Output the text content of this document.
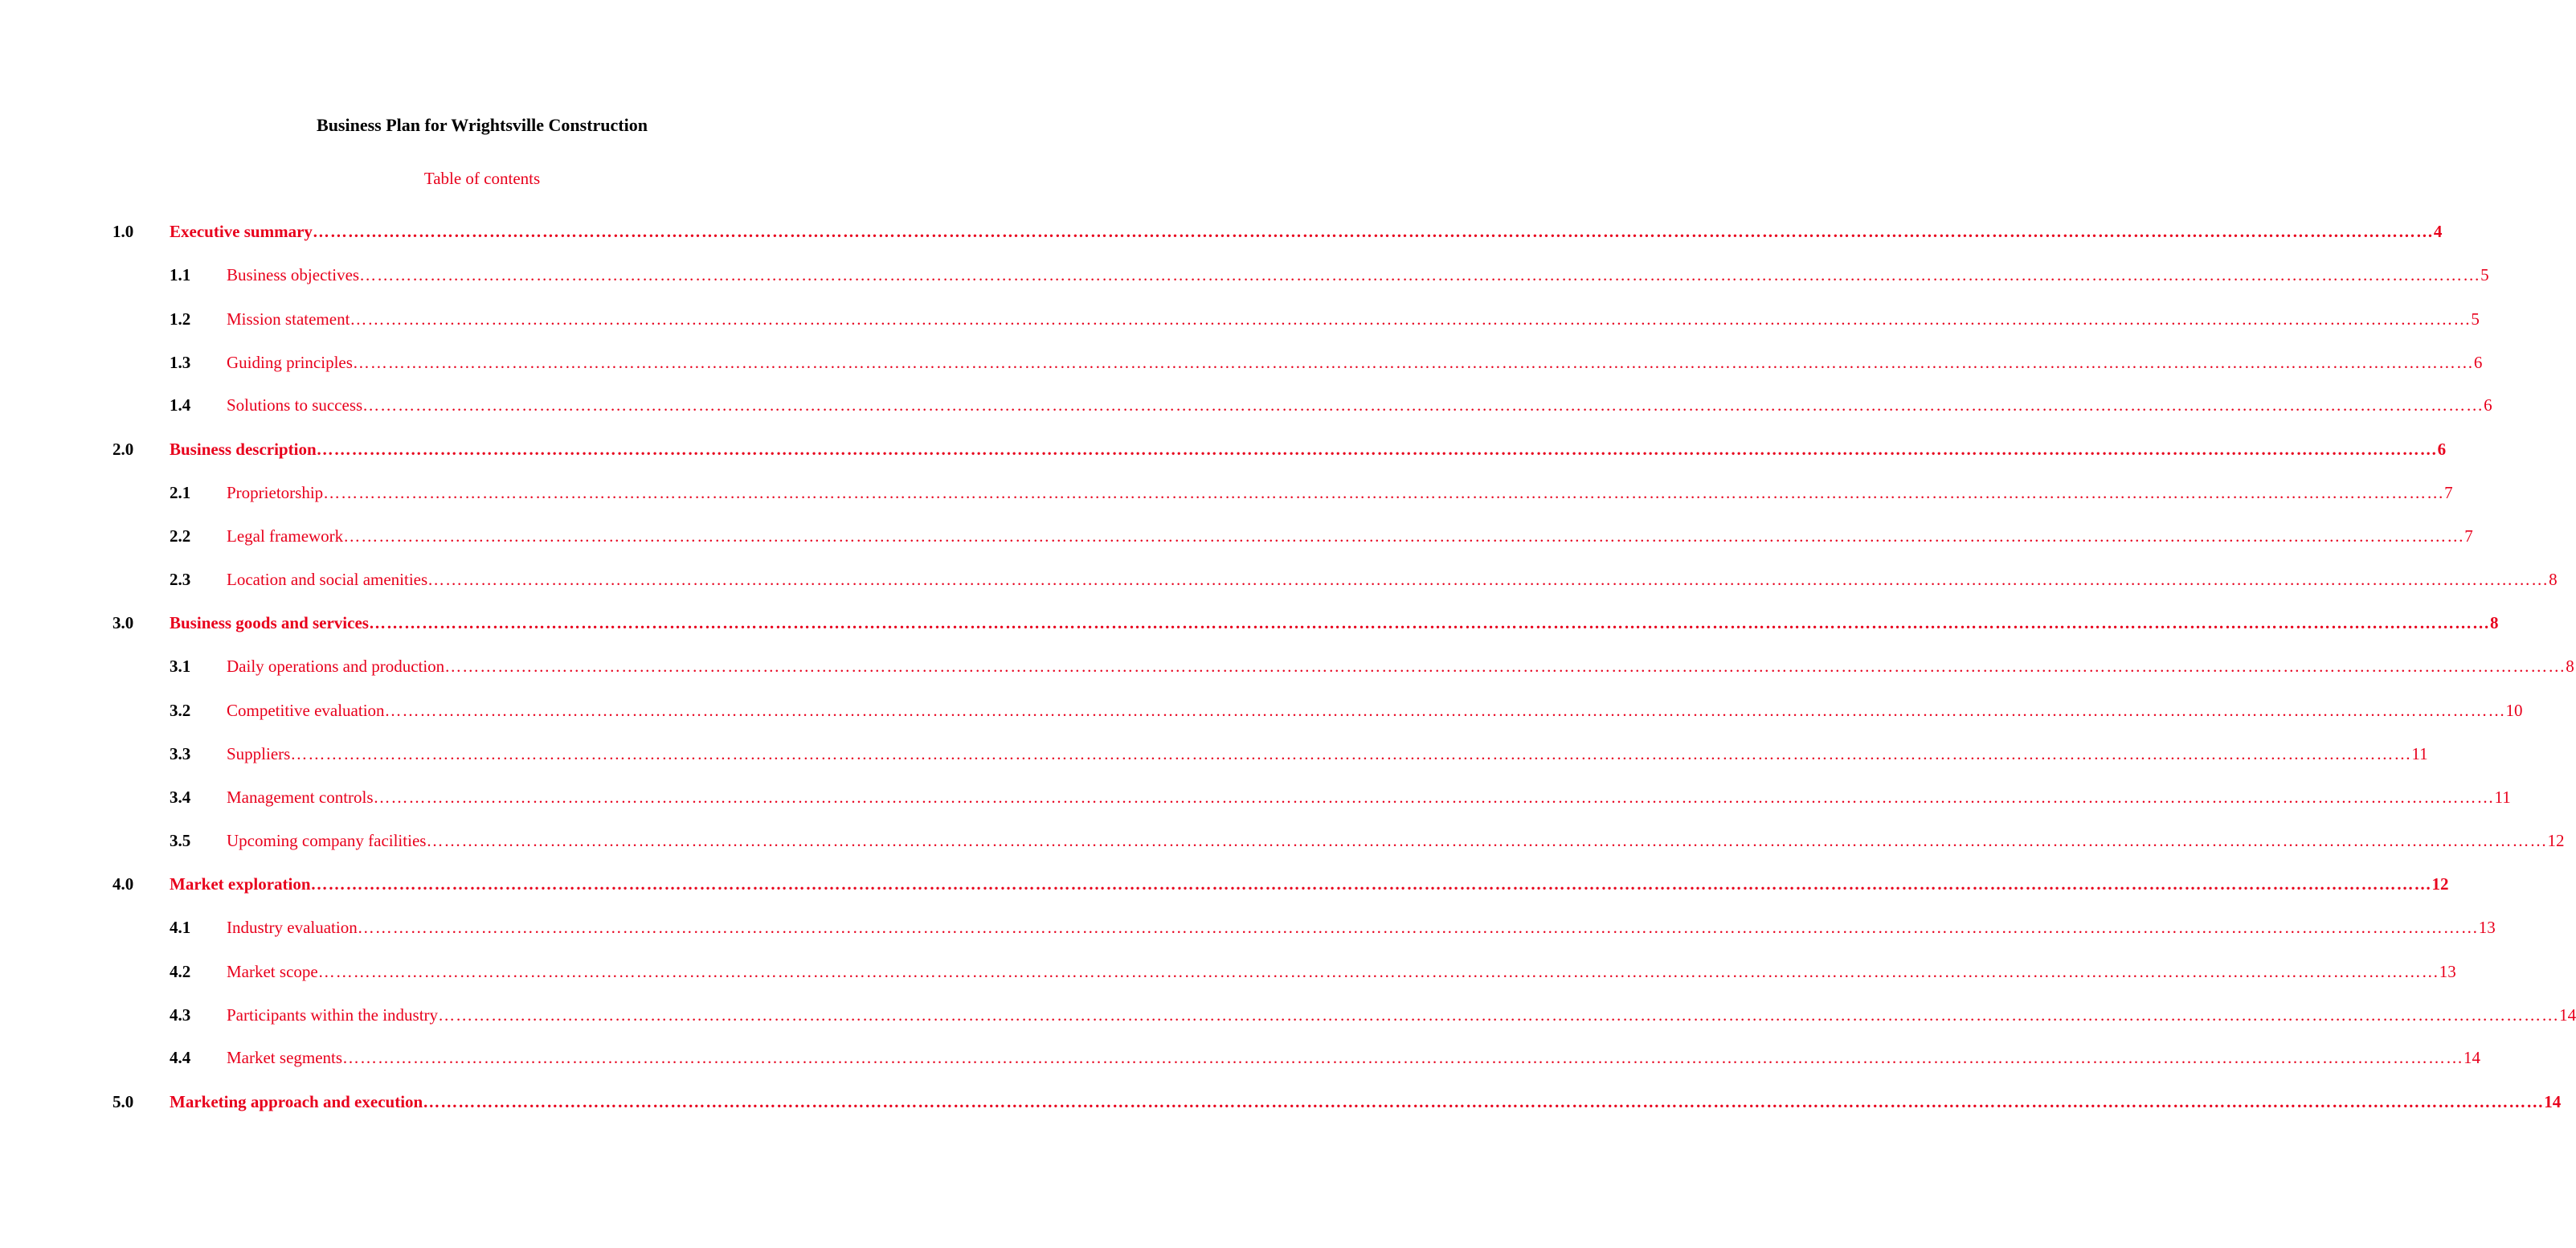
Business Plan for Wrightsville Construction
Table of contents
1.0 Executive summary ……………………………………………………………………………………………………………………………………………………………………………………………………………………………………………………………………………………………………………………………… 4
1.1 Business objectives ……………………………………………………………………………………………………………………………………………………………………………………………………………………………………………………………………………………………………………………………… 5
1.2 Mission statement ……………………………………………………………………………………………………………………………………………………………………………………………………………………………………………………………………………………………………………………………… 5
1.3 Guiding principles ……………………………………………………………………………………………………………………………………………………………………………………………………………………………………………………………………………………………………………………………… 6
1.4 Solutions to success ……………………………………………………………………………………………………………………………………………………………………………………………………………………………………………………………………………………………………………………………… 6
2.0 Business description ……………………………………………………………………………………………………………………………………………………………………………………………………………………………………………………………………………………………………………………………… 6
2.1 Proprietorship ……………………………………………………………………………………………………………………………………………………………………………………………………………………………………………………………………………………………………………………………… 7
2.2 Legal framework ……………………………………………………………………………………………………………………………………………………………………………………………………………………………………………………………………………………………………………………………… 7
2.3 Location and social amenities ……………………………………………………………………………………………………………………………………………………………………………………………………………………………………………………………………………………………………………………………… 8
3.0 Business goods and services ……………………………………………………………………………………………………………………………………………………………………………………………………………………………………………………………………………………………………………………………… 8
3.1 Daily operations and production ……………………………………………………………………………………………………………………………………………………………………………………………………………………………………………………………………………………………………………………………… 8
3.2 Competitive evaluation ……………………………………………………………………………………………………………………………………………………………………………………………………………………………………………………………………………………………………………………………… 10
3.3 Suppliers ……………………………………………………………………………………………………………………………………………………………………………………………………………………………………………………………………………………………………………………………… 11
3.4 Management controls ……………………………………………………………………………………………………………………………………………………………………………………………………………………………………………………………………………………………………………………………… 11
3.5 Upcoming company facilities ……………………………………………………………………………………………………………………………………………………………………………………………………………………………………………………………………………………………………………………………… 12
4.0 Market exploration ……………………………………………………………………………………………………………………………………………………………………………………………………………………………………………………………………………………………………………………………… 12
4.1 Industry evaluation ……………………………………………………………………………………………………………………………………………………………………………………………………………………………………………………………………………………………………………………………… 13
4.2 Market scope ……………………………………………………………………………………………………………………………………………………………………………………………………………………………………………………………………………………………………………………………… 13
4.3 Participants within the industry ……………………………………………………………………………………………………………………………………………………………………………………………………………………………………………………………………………………………………………………………… 14
4.4 Market segments ……………………………………………………………………………………………………………………………………………………………………………………………………………………………………………………………………………………………………………………………… 14
5.0 Marketing approach and execution ……………………………………………………………………………………………………………………………………………………………………………………………………………………………………………………………………………………………………………………………… 14
